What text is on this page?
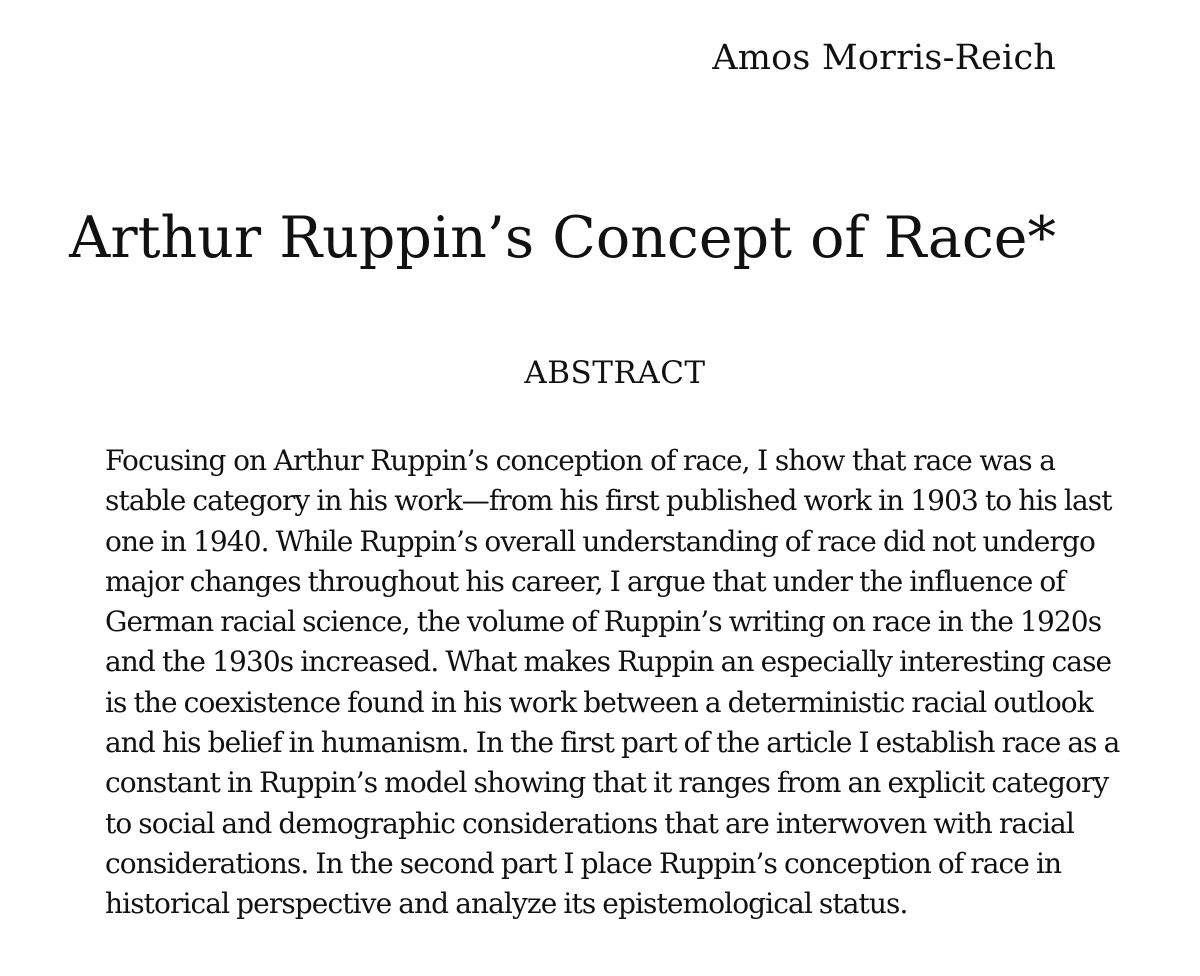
Amos Morris-Reich
Arthur Ruppin’s Concept of Race*
ABSTRACT

Focusing on Arthur Ruppin’s conception of race, I show that race was a
stable category in his work—from his first published work in 1903 to his last
one in 1940. While Ruppin’s overall understanding of race did not undergo
major changes throughout his career, I argue that under the influence of
German racial science, the volume of Ruppin’s writing on race in the 1920s
and the 1930s increased. What makes Ruppin an especially interesting case
is the coexistence found in his work between a deterministic racial outlook
and his belief in humanism. In the first part of the article I establish race as a
constant in Ruppin’s model showing that it ranges from an explicit category
to social and demographic considerations that are interwoven with racial
considerations. In the second part I place Ruppin’s conception of race in
historical perspective and analyze its epistemological status.
